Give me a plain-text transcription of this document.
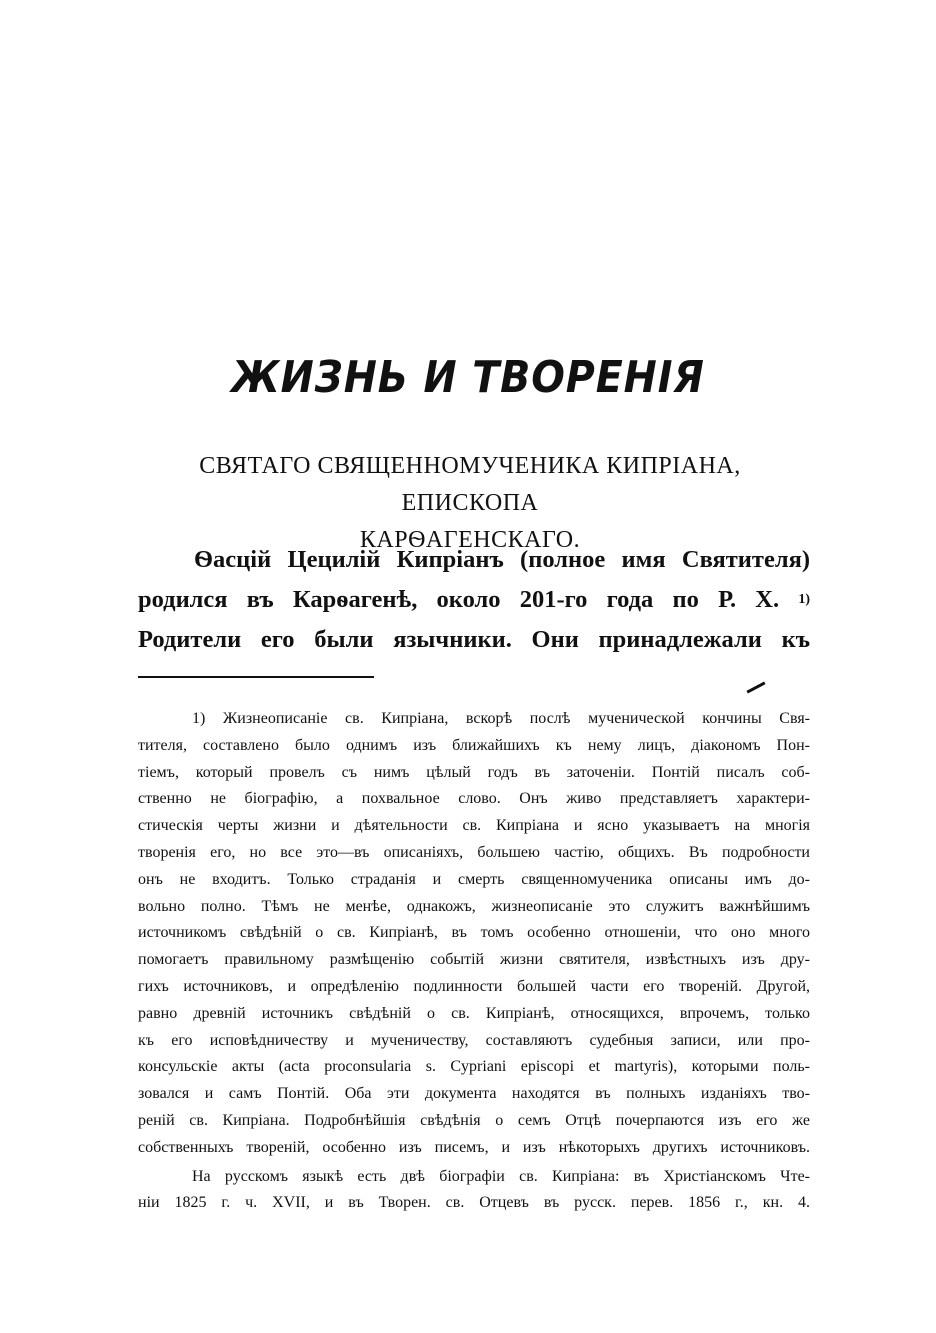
ЖИЗНЬ И ТВОРЕНІЯ
СВЯТАГО СВЯЩЕННОМУЧЕНИКА КИПРІАНА, ЕПИСКОПА
КАРѲАГЕНСКАГО.
Ѳасцій Цецилій Кипріанъ (полное имя Святителя)
родился въ Карѳагенѣ, около 201-го года по Р. Х. $^{1)}$
Родители его были язычники. Они принадлежали къ
1) Жизнеописаніе св. Кипріана, вскорѣ послѣ мученической кончины Свя-
тителя, составлено было однимъ изъ ближайшихъ къ нему лицъ, діакономъ Пон-
тіемъ, который провелъ съ нимъ цѣлый годъ въ заточеніи. Понтій писалъ соб-
ственно не біографію, а похвальное слово. Онъ живо представляетъ характери-
стическія черты жизни и дѣятельности св. Кипріана и ясно указываетъ на многія
творенія его, но все это—въ описаніяхъ, большею частію, общихъ. Въ подробности
онъ не входитъ. Только страданія и смерть священномученика описаны имъ до-
вольно полно. Тѣмъ не менѣе, однакожъ, жизнеописаніе это служитъ важнѣйшимъ
источникомъ свѣдѣній о св. Кипріанѣ, въ томъ особенно отношеніи, что оно много
помогаетъ правильному размѣщенію событій жизни святителя, извѣстныхъ изъ дру-
гихъ источниковъ, и опредѣленію подлинности большей части его твореній. Другой,
равно древній источникъ свѣдѣній о св. Кипріанѣ, относящихся, впрочемъ, только
къ его исповѣдничеству и мученичеству, составляютъ судебныя записи, или про-
консульскіе акты (acta proconsularia s. Cypriani episcopi et martyris), которыми поль-
зовался и самъ Понтій. Оба эти документа находятся въ полныхъ изданіяхъ тво-
реній св. Кипріана. Подробнѣйшія свѣдѣнія о семъ Отцѣ почерпаются изъ его же
собственныхъ твореній, особенно изъ писемъ, и изъ нѣкоторыхъ другихъ источниковъ.
На русскомъ языкѣ есть двѣ біографіи св. Кипріана: въ Христіанскомъ Чте-
ніи 1825 г. ч. XVII, и въ Творен. св. Отцевъ въ русск. перев. 1856 г., кн. 4.
